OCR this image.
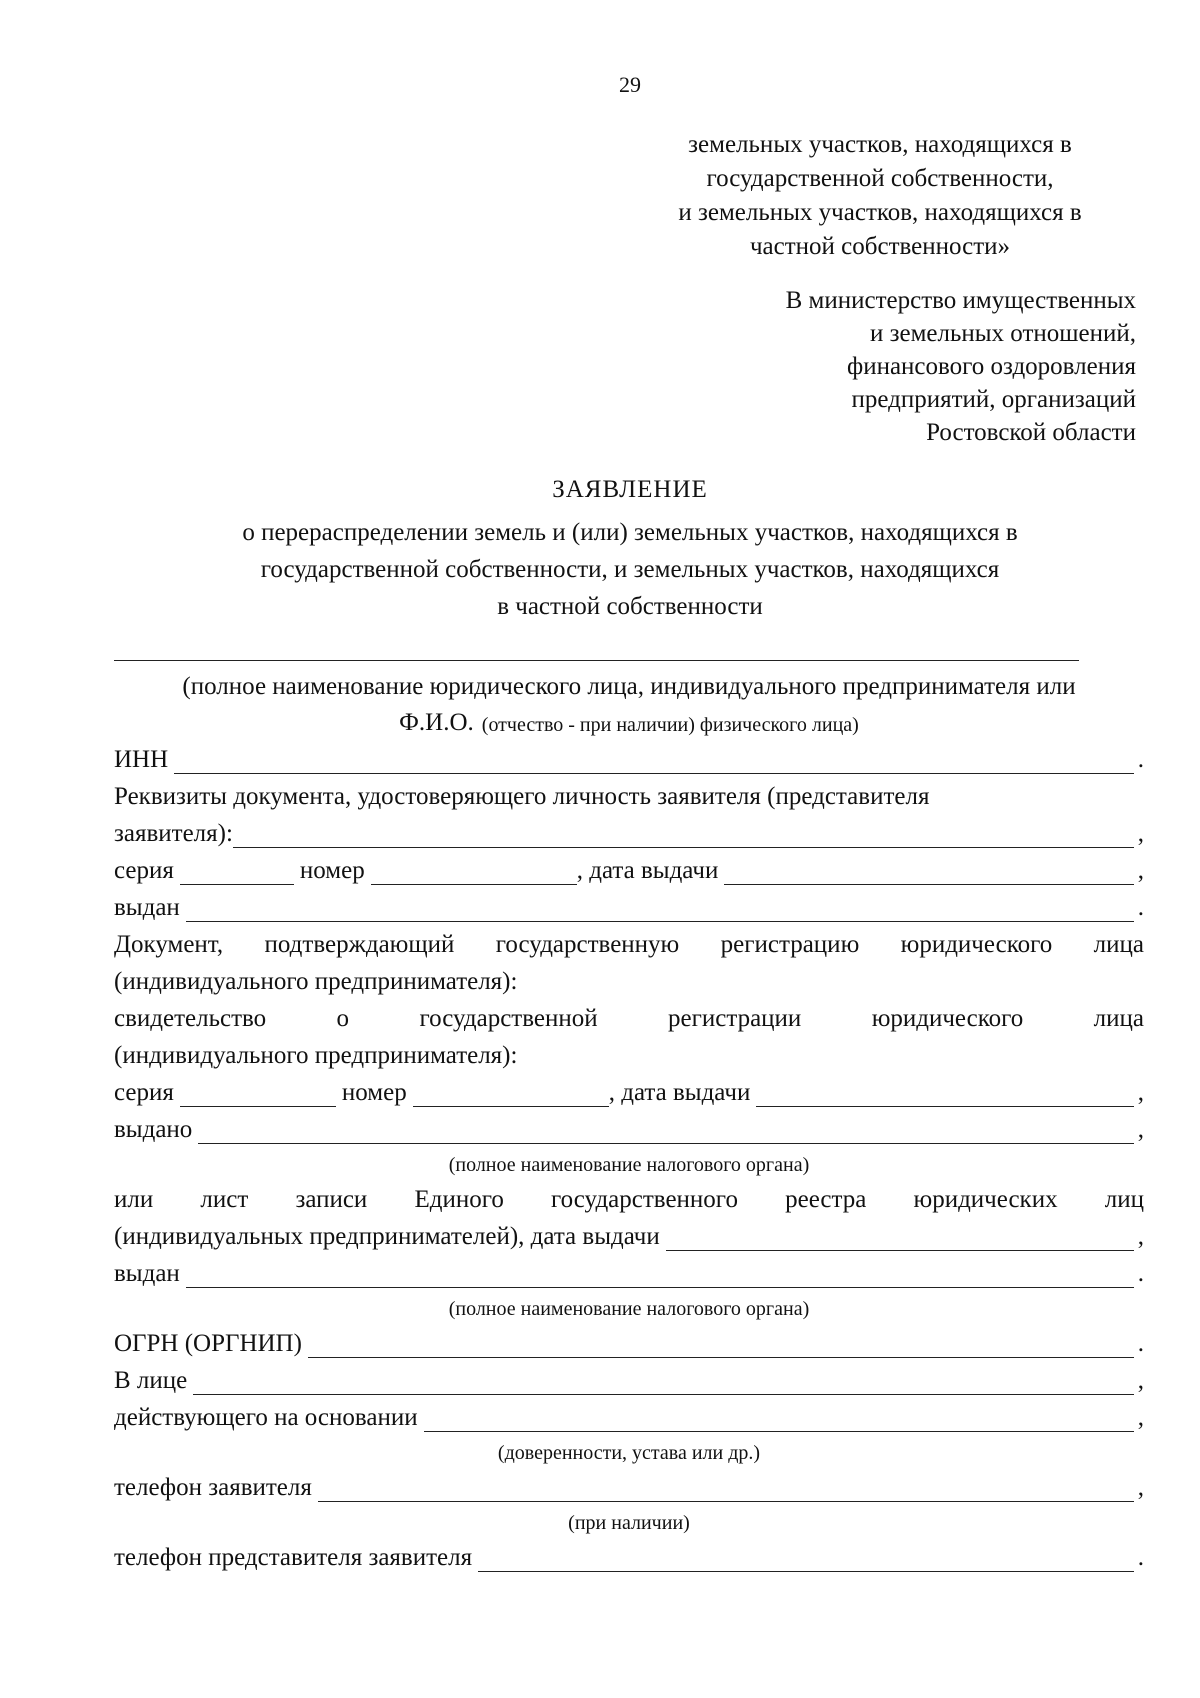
29
земельных участков, находящихся в
государственной собственности,
и земельных участков, находящихся в
частной собственности»
В министерство имущественных
и земельных отношений,
финансового оздоровления
предприятий, организаций
Ростовской области
ЗАЯВЛЕНИЕ
о перераспределении земель и (или) земельных участков, находящихся в
государственной собственности, и земельных участков, находящихся
в частной собственности
(полное наименование юридического лица, индивидуального предпринимателя или
Ф.И.О. (отчество - при наличии) физического лица)
ИНН	.
Реквизиты документа, удостоверяющего личность заявителя (представителя
заявителя):	,
серия	номер	, дата выдачи	,
выдан	.
Документ, подтверждающий государственную регистрацию юридического лица
(индивидуального предпринимателя):
свидетельство	о	государственной	регистрации	юридического	лица
(индивидуального предпринимателя):
серия	номер	, дата выдачи	,
выдано	,
(полное наименование налогового органа)
или лист записи Единого государственного реестра юридических лиц
(индивидуальных предпринимателей), дата выдачи	,
выдан	.
(полное наименование налогового органа)
ОГРН (ОРГНИП)	.
В лице	,
действующего на основании	,
(доверенности, устава или др.)
телефон заявителя	,
(при наличии)
телефон представителя заявителя	.
